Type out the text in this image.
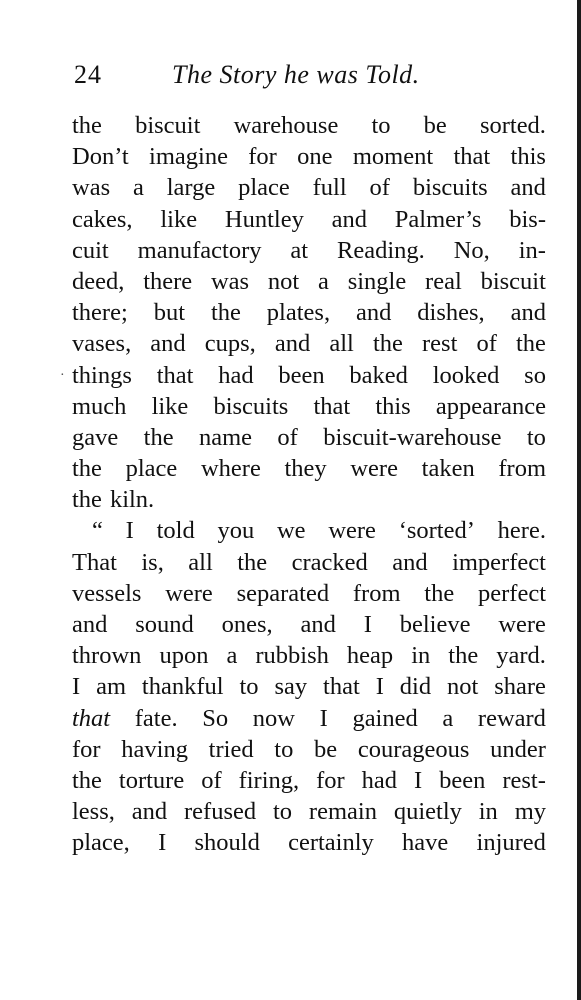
24	The Story he was Told.
·
the biscuit warehouse to be sorted.
Don’t imagine for one moment that this
was a large place full of biscuits and
cakes, like Huntley and Palmer’s bis-
cuit manufactory at Reading. No, in-
deed, there was not a single real biscuit
there; but the plates, and dishes, and
vases, and cups, and all the rest of the
things that had been baked looked so
much like biscuits that this appearance
gave the name of biscuit-warehouse to
the place where they were taken from
the kiln.
“ I told you we were ‘sorted’ here.
That is, all the cracked and imperfect
vessels were separated from the perfect
and sound ones, and I believe were
thrown upon a rubbish heap in the yard.
I am thankful to say that I did not share
that fate. So now I gained a reward
for having tried to be courageous under
the torture of firing, for had I been rest-
less, and refused to remain quietly in my
place, I should certainly have injured
